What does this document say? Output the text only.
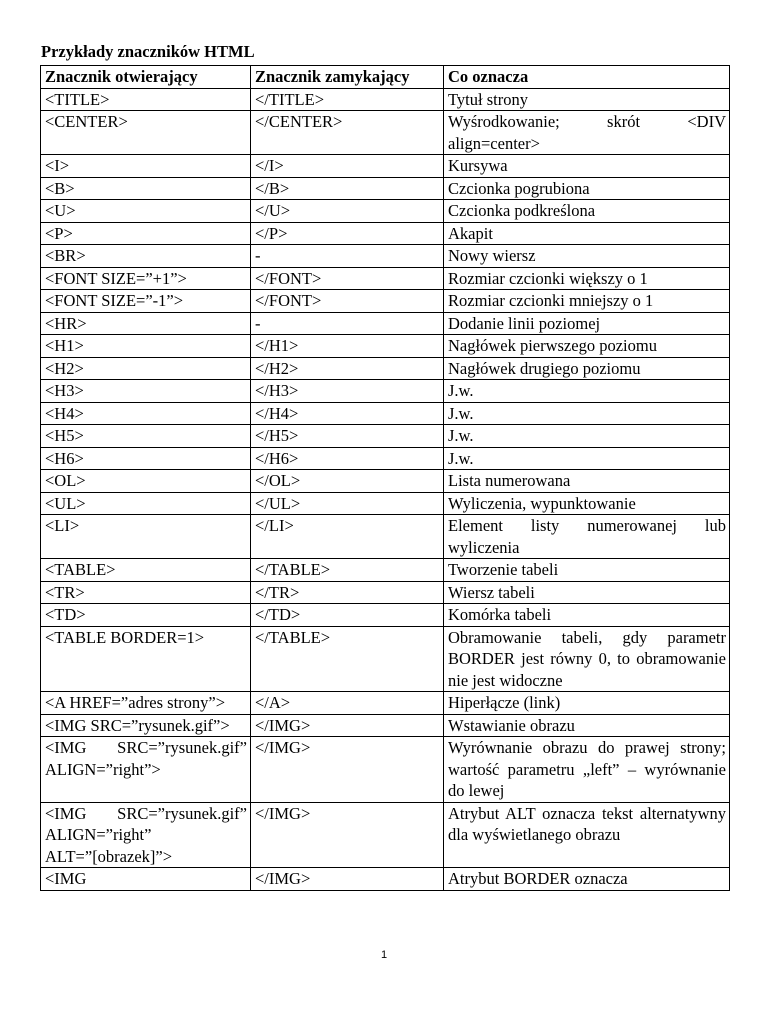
Przykłady znaczników HTML
Znacznik otwierający	Znacznik zamykający	Co oznacza
<TITLE>	</TITLE>	Tytuł strony
<CENTER>	</CENTER>	Wyśrodkowanie; skrót <DIV align=center>
<I>	</I>	Kursywa
<B>	</B>	Czcionka pogrubiona
<U>	</U>	Czcionka podkreślona
<P>	</P>	Akapit
<BR>	-	Nowy wiersz
<FONT SIZE=”+1”>	</FONT>	Rozmiar czcionki większy o 1
<FONT SIZE=”-1”>	</FONT>	Rozmiar czcionki mniejszy o 1
<HR>	-	Dodanie linii poziomej
<H1>	</H1>	Nagłówek pierwszego poziomu
<H2>	</H2>	Nagłówek drugiego poziomu
<H3>	</H3>	J.w.
<H4>	</H4>	J.w.
<H5>	</H5>	J.w.
<H6>	</H6>	J.w.
<OL>	</OL>	Lista numerowana
<UL>	</UL>	Wyliczenia, wypunktowanie
<LI>	</LI>	Element listy numerowanej lub wyliczenia
<TABLE>	</TABLE>	Tworzenie tabeli
<TR>	</TR>	Wiersz tabeli
<TD>	</TD>	Komórka tabeli
<TABLE BORDER=1>	</TABLE>	Obramowanie tabeli, gdy parametr BORDER jest równy 0, to obramowanie nie jest widoczne
<A HREF=”adres strony”>	</A>	Hiperłącze (link)
<IMG SRC=”rysunek.gif”>	</IMG>	Wstawianie obrazu
<IMG SRC=”rysunek.gif” ALIGN=”right”>	</IMG>	Wyrównanie obrazu do prawej strony; wartość parametru „left” – wyrównanie do lewej
<IMG SRC=”rysunek.gif” ALIGN=”right” ALT=”[obrazek]”>	</IMG>	Atrybut ALT oznacza tekst alternatywny dla wyświetlanego obrazu
<IMG	</IMG>	Atrybut BORDER oznacza
1
